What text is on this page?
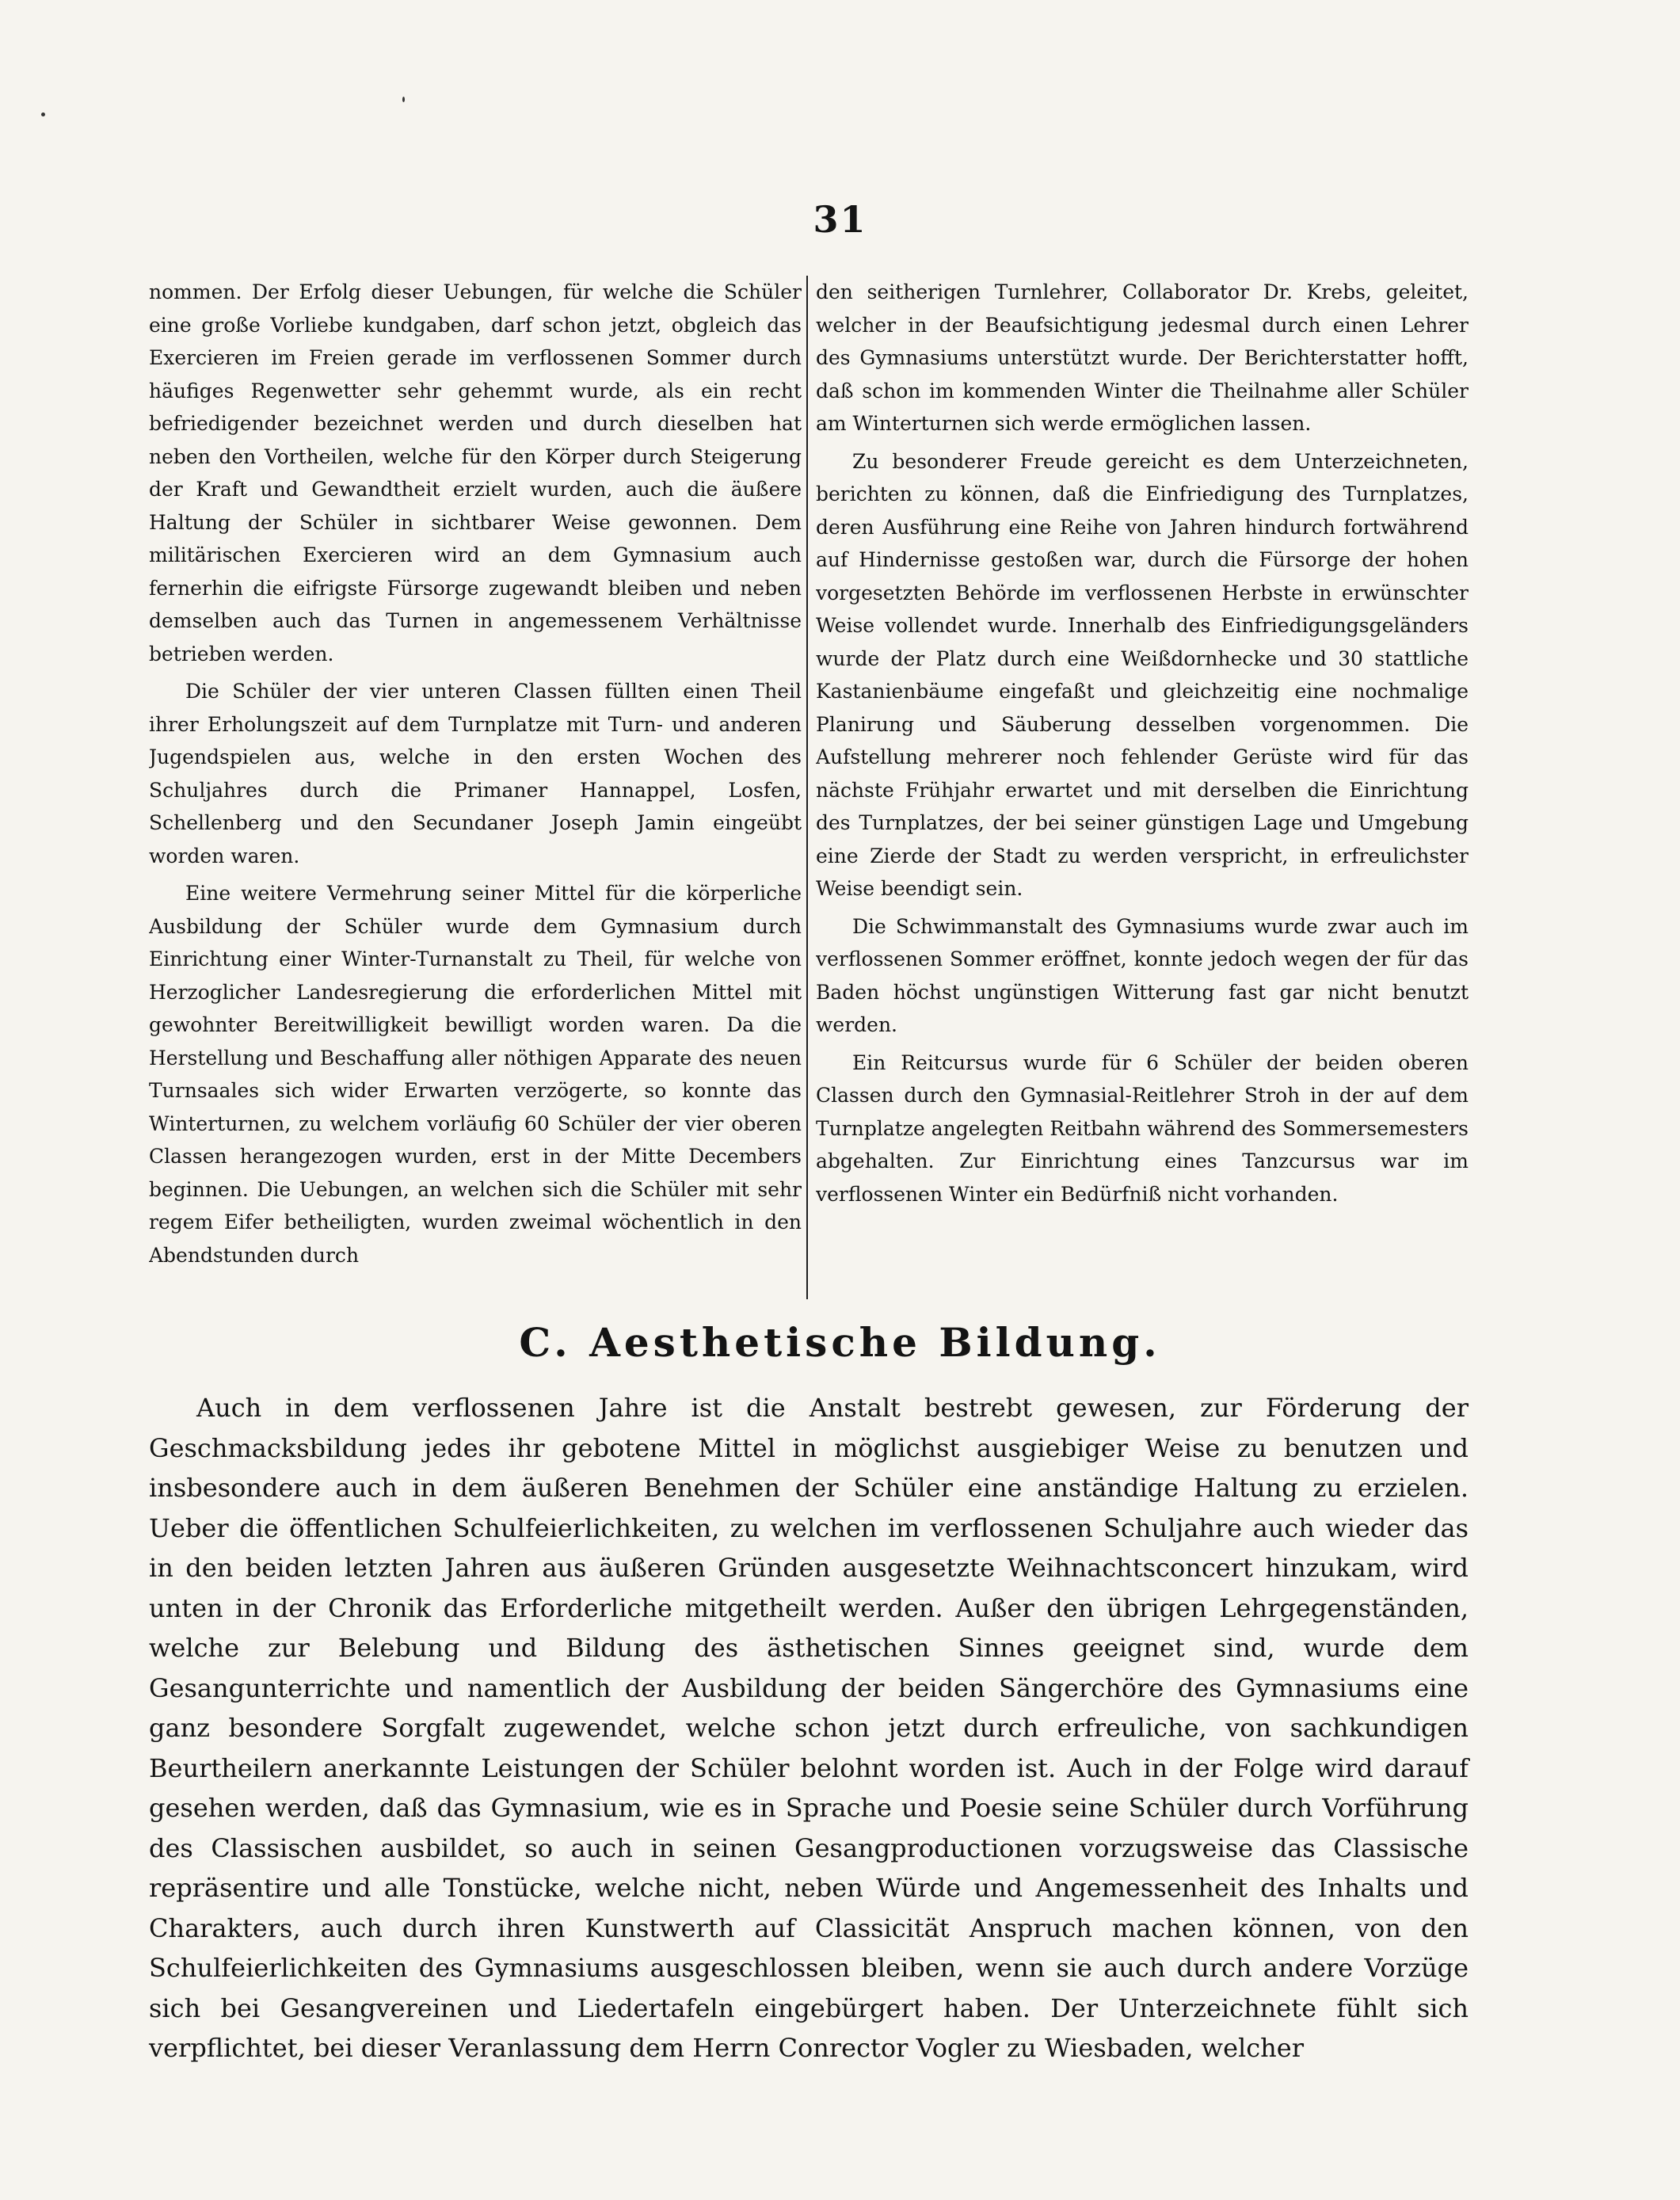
31

nommen. Der Erfolg dieser Uebungen, für welche die Schüler eine große Vorliebe kundgaben, darf schon jetzt, obgleich das Exercieren im Freien gerade im verflossenen Sommer durch häufiges Regenwetter sehr gehemmt wurde, als ein recht befriedigender bezeichnet werden und durch dieselben hat neben den Vortheilen, welche für den Körper durch Steigerung der Kraft und Gewandtheit erzielt wurden, auch die äußere Haltung der Schüler in sichtbarer Weise gewonnen. Dem militärischen Exercieren wird an dem Gymnasium auch fernerhin die eifrigste Fürsorge zugewandt bleiben und neben demselben auch das Turnen in angemessenem Verhältnisse betrieben werden.

Die Schüler der vier unteren Classen füllten einen Theil ihrer Erholungszeit auf dem Turnplatze mit Turn- und anderen Jugendspielen aus, welche in den ersten Wochen des Schuljahres durch die Primaner Hannappel, Losfen, Schellenberg und den Secundaner Joseph Jamin eingeübt worden waren.

Eine weitere Vermehrung seiner Mittel für die körperliche Ausbildung der Schüler wurde dem Gymnasium durch Einrichtung einer Winter-Turnanstalt zu Theil, für welche von Herzoglicher Landesregierung die erforderlichen Mittel mit gewohnter Bereitwilligkeit bewilligt worden waren. Da die Herstellung und Beschaffung aller nöthigen Apparate des neuen Turnsaales sich wider Erwarten verzögerte, so konnte das Winterturnen, zu welchem vorläufig 60 Schüler der vier oberen Classen herangezogen wurden, erst in der Mitte Decembers beginnen. Die Uebungen, an welchen sich die Schüler mit sehr regem Eifer betheiligten, wurden zweimal wöchentlich in den Abendstunden durch

den seitherigen Turnlehrer, Collaborator Dr. Krebs, geleitet, welcher in der Beaufsichtigung jedesmal durch einen Lehrer des Gymnasiums unterstützt wurde. Der Berichterstatter hofft, daß schon im kommenden Winter die Theilnahme aller Schüler am Winterturnen sich werde ermöglichen lassen.

Zu besonderer Freude gereicht es dem Unterzeichneten, berichten zu können, daß die Einfriedigung des Turnplatzes, deren Ausführung eine Reihe von Jahren hindurch fortwährend auf Hindernisse gestoßen war, durch die Fürsorge der hohen vorgesetzten Behörde im verflossenen Herbste in erwünschter Weise vollendet wurde. Innerhalb des Einfriedigungsgeländers wurde der Platz durch eine Weißdornhecke und 30 stattliche Kastanienbäume eingefaßt und gleichzeitig eine nochmalige Planirung und Säuberung desselben vorgenommen. Die Aufstellung mehrerer noch fehlender Gerüste wird für das nächste Frühjahr erwartet und mit derselben die Einrichtung des Turnplatzes, der bei seiner günstigen Lage und Umgebung eine Zierde der Stadt zu werden verspricht, in erfreulichster Weise beendigt sein.

Die Schwimmanstalt des Gymnasiums wurde zwar auch im verflossenen Sommer eröffnet, konnte jedoch wegen der für das Baden höchst ungünstigen Witterung fast gar nicht benutzt werden.

Ein Reitcursus wurde für 6 Schüler der beiden oberen Classen durch den Gymnasial-Reitlehrer Stroh in der auf dem Turnplatze angelegten Reitbahn während des Sommersemesters abgehalten. Zur Einrichtung eines Tanzcursus war im verflossenen Winter ein Bedürfniß nicht vorhanden.

C. Aesthetische Bildung.

Auch in dem verflossenen Jahre ist die Anstalt bestrebt gewesen, zur Förderung der Geschmacksbildung jedes ihr gebotene Mittel in möglichst ausgiebiger Weise zu benutzen und insbesondere auch in dem äußeren Benehmen der Schüler eine anständige Haltung zu erzielen. Ueber die öffentlichen Schulfeierlichkeiten, zu welchen im verflossenen Schuljahre auch wieder das in den beiden letzten Jahren aus äußeren Gründen ausgesetzte Weihnachtsconcert hinzukam, wird unten in der Chronik das Erforderliche mitgetheilt werden. Außer den übrigen Lehrgegenständen, welche zur Belebung und Bildung des ästhetischen Sinnes geeignet sind, wurde dem Gesangunterrichte und namentlich der Ausbildung der beiden Sängerchöre des Gymnasiums eine ganz besondere Sorgfalt zugewendet, welche schon jetzt durch erfreuliche, von sachkundigen Beurtheilern anerkannte Leistungen der Schüler belohnt worden ist. Auch in der Folge wird darauf gesehen werden, daß das Gymnasium, wie es in Sprache und Poesie seine Schüler durch Vorführung des Classischen ausbildet, so auch in seinen Gesangproductionen vorzugsweise das Classische repräsentire und alle Tonstücke, welche nicht, neben Würde und Angemessenheit des Inhalts und Charakters, auch durch ihren Kunstwerth auf Classicität Anspruch machen können, von den Schulfeierlichkeiten des Gymnasiums ausgeschlossen bleiben, wenn sie auch durch andere Vorzüge sich bei Gesangvereinen und Liedertafeln eingebürgert haben. Der Unterzeichnete fühlt sich verpflichtet, bei dieser Veranlassung dem Herrn Conrector Vogler zu Wiesbaden, welcher
